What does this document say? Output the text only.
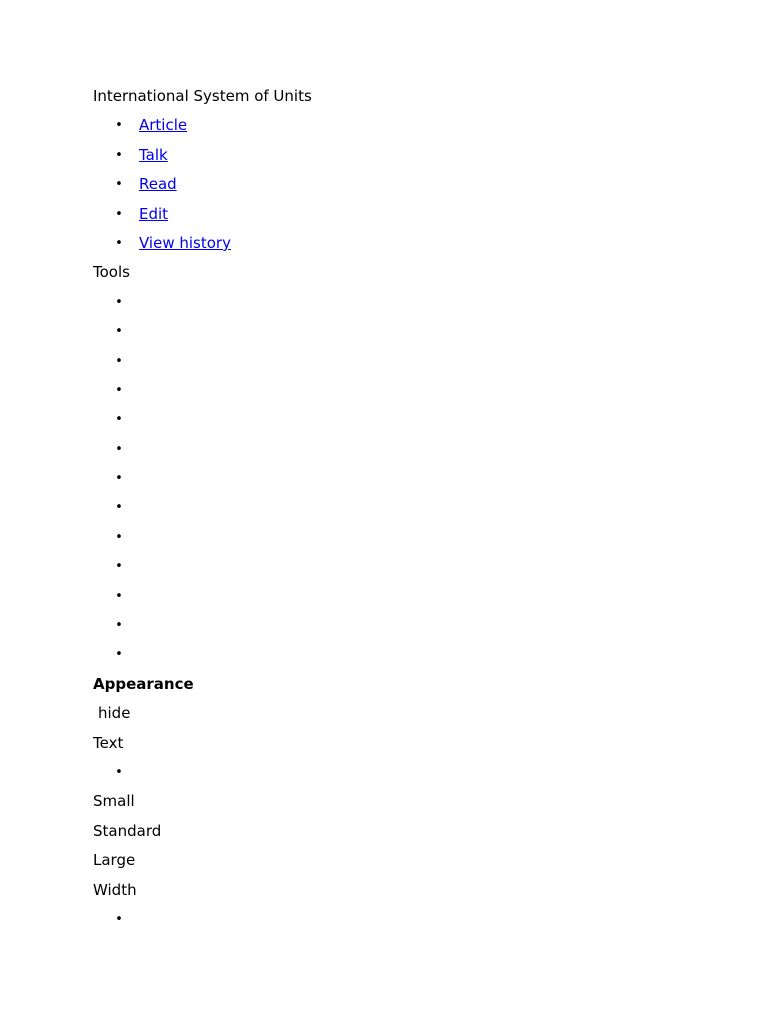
International System of Units
• Article
• Talk
• Read
• Edit
• View history
Tools
•
•
•
•
•
•
•
•
•
•
•
•
•
Appearance
hide
Text
•
Small
Standard
Large
Width
•
